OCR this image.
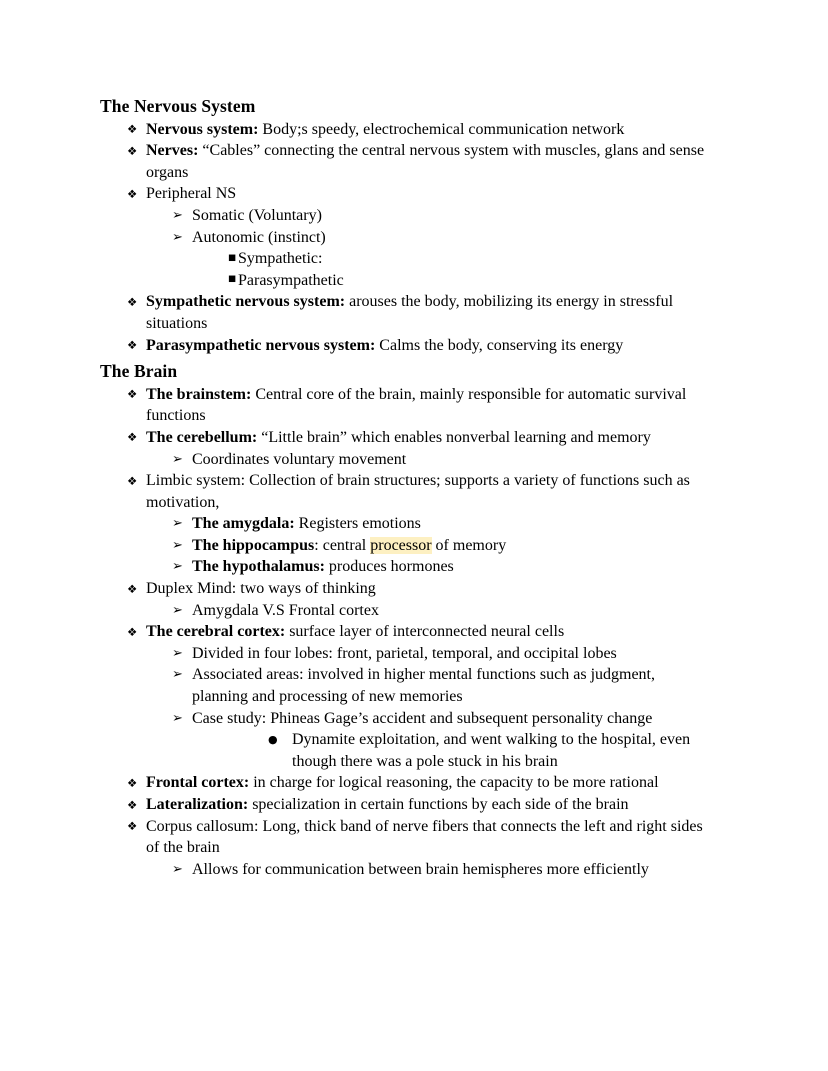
The Nervous System
❖ Nervous system: Body;s speedy, electrochemical communication network
❖ Nerves: “Cables” connecting the central nervous system with muscles, glans and sense organs
❖ Peripheral NS
➢ Somatic (Voluntary)
➢ Autonomic (instinct)
■ Sympathetic:
■ Parasympathetic
❖ Sympathetic nervous system: arouses the body, mobilizing its energy in stressful situations
❖ Parasympathetic nervous system: Calms the body, conserving its energy
The Brain
❖ The brainstem: Central core of the brain, mainly responsible for automatic survival functions
❖ The cerebellum: “Little brain” which enables nonverbal learning and memory
➢ Coordinates voluntary movement
❖ Limbic system: Collection of brain structures; supports a variety of functions such as motivation,
➢ The amygdala: Registers emotions
➢ The hippocampus: central processor of memory
➢ The hypothalamus: produces hormones
❖ Duplex Mind: two ways of thinking
➢ Amygdala V.S Frontal cortex
❖ The cerebral cortex: surface layer of interconnected neural cells
➢ Divided in four lobes: front, parietal, temporal, and occipital lobes
➢ Associated areas: involved in higher mental functions such as judgment, planning and processing of new memories
➢ Case study: Phineas Gage’s accident and subsequent personality change
● Dynamite exploitation, and went walking to the hospital, even though there was a pole stuck in his brain
❖ Frontal cortex: in charge for logical reasoning, the capacity to be more rational
❖ Lateralization: specialization in certain functions by each side of the brain
❖ Corpus callosum: Long, thick band of nerve fibers that connects the left and right sides of the brain
➢ Allows for communication between brain hemispheres more efficiently
